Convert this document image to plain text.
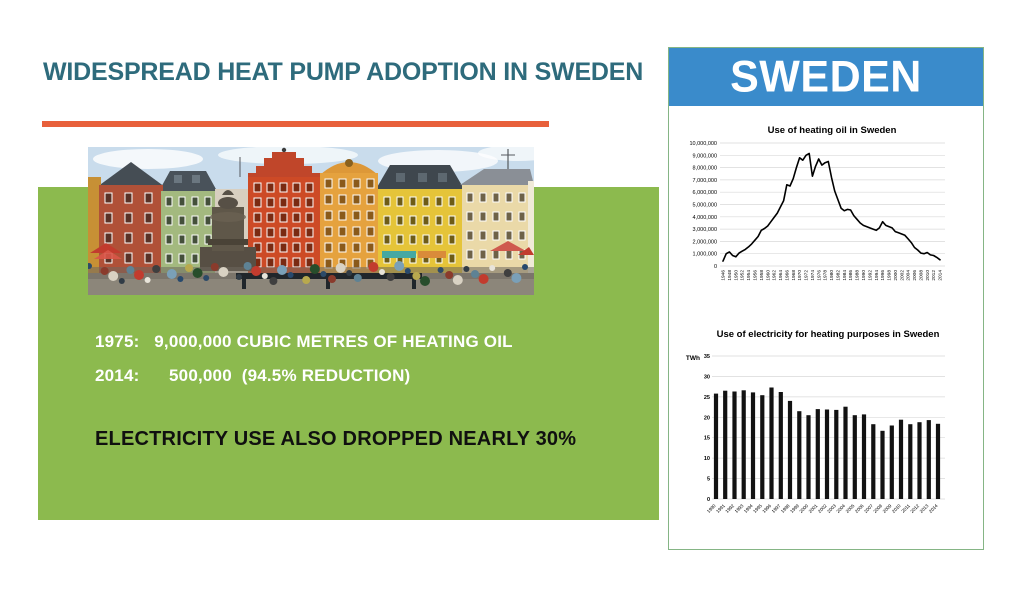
WIDESPREAD HEAT PUMP ADOPTION IN SWEDEN
1975:   9,000,000 CUBIC METRES OF HEATING OIL
2014:      500,000  (94.5% REDUCTION)
ELECTRICITY USE ALSO DROPPED NEARLY 30%
SWEDEN
Use of heating oil in Sweden
0
1,000,000
2,000,000
3,000,000
4,000,000
5,000,000
6,000,000
7,000,000
8,000,000
9,000,000
10,000,000
1946 1948 1950 1952 1954 1956 1958 1960 1962 1964 1966 1968 1970 1972 1974 1976 1978 1980 1982 1984 1986 1988 1990 1992 1994 1996 1998 2000 2002 2004 2006 2008 2010 2012 2014
Use of electricity for heating purposes in Sweden
0
5
10
15
20
25
30
35
TWh
1990
1991
1992
1993
1994
1995
1996
1997
1998
1999
2000
2001
2002
2003
2004
2005
2006
2007
2008
2009
2010
2011
2012
2013
2014
